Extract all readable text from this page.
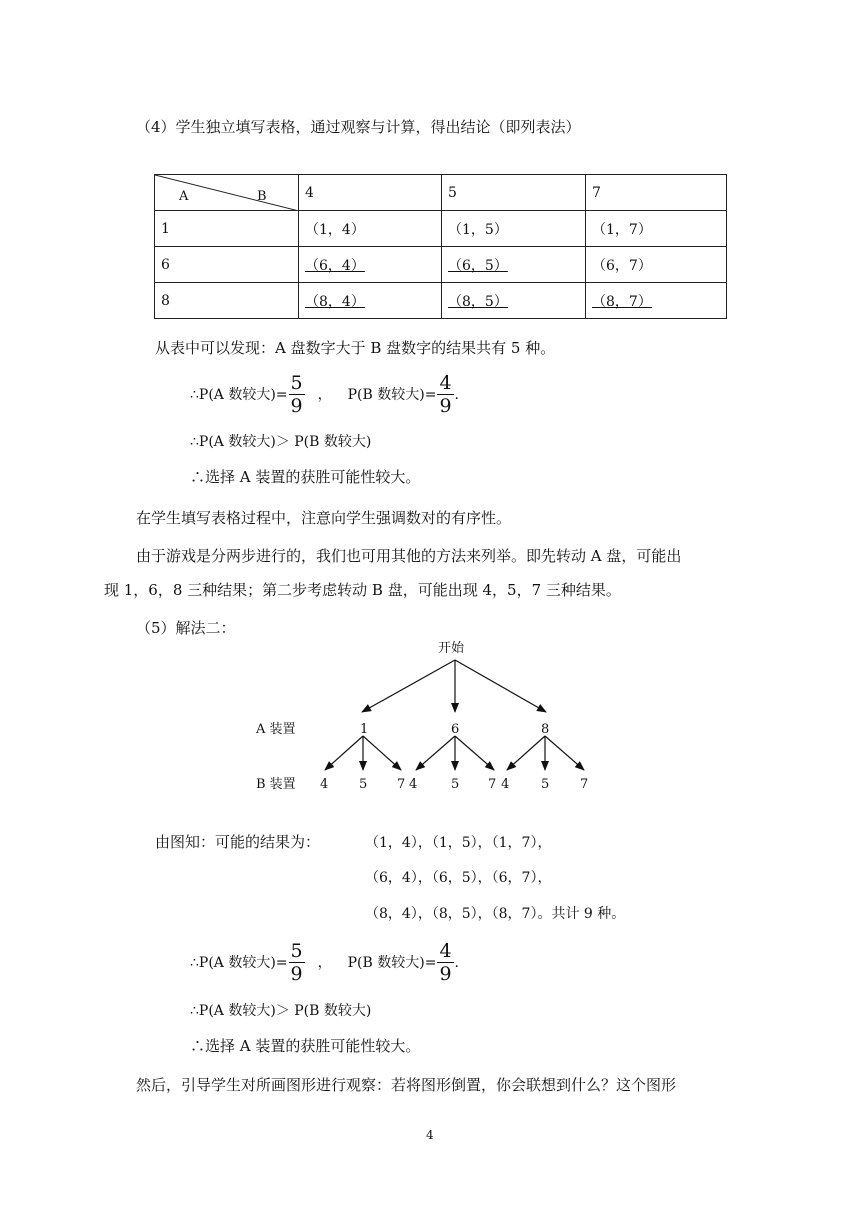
（4）学生独立填写表格，通过观察与计算，得出结论（即列表法）
A B	4	5	7
1	（1，4）	（1，5）	（1，7）
6	（6，4）	（6，5）	（6，7）
8	（8，4）	（8，5）	（8，7）
从表中可以发现：A 盘数字大于 B 盘数字的结果共有 5 种。
∴P(A 数较大)= $\frac{5}{9}$ ， P(B 数较大)= $\frac{4}{9}$ .
∴P(A 数较大)＞ P(B 数较大)
∴选择 A 装置的获胜可能性较大。
在学生填写表格过程中，注意向学生强调数对的有序性。
由于游戏是分两步进行的，我们也可用其他的方法来列举。即先转动 A 盘，可能出
现 1，6，8 三种结果；第二步考虑转动 B 盘，可能出现 4，5，7 三种结果。
（5）解法二：
开始
A 装置	1	6	8
B 装置 4 5 7 4	5 7 4 5 7
由图知：可能的结果为：	（1，4），（1，5），（1，7），
（6，4），（6，5），（6，7），
（8，4），（8，5），（8，7）。共计 9 种。
∴P(A 数较大)= $\frac{5}{9}$ ， P(B 数较大)= $\frac{4}{9}$ .
∴P(A 数较大)＞ P(B 数较大)
∴选择 A 装置的获胜可能性较大。
然后，引导学生对所画图形进行观察：若将图形倒置，你会联想到什么？这个图形
4
